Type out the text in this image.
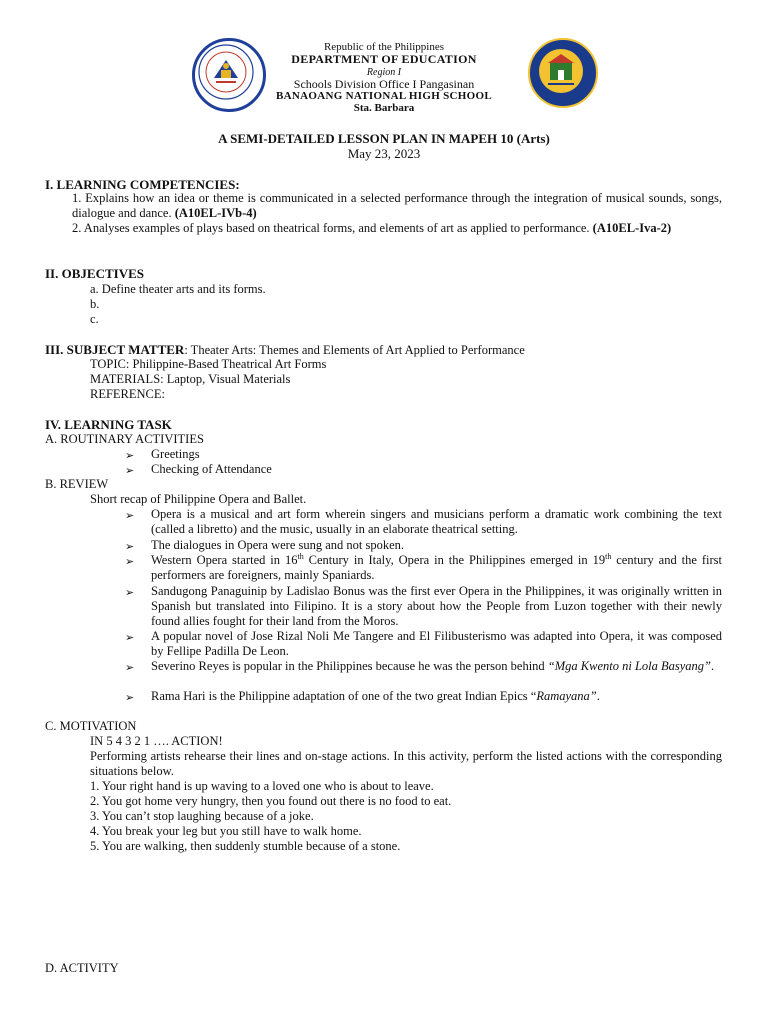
Republic of the Philippines
DEPARTMENT OF EDUCATION
Region I
Schools Division Office I Pangasinan
BANAOANG NATIONAL HIGH SCHOOL
Sta. Barbara
A SEMI-DETAILED LESSON PLAN IN MAPEH 10 (Arts)
May 23, 2023
I. LEARNING COMPETENCIES:
1. Explains how an idea or theme is communicated in a selected performance through the integration of musical sounds, songs, dialogue and dance. (A10EL-IVb-4)
2. Analyses examples of plays based on theatrical forms, and elements of art as applied to performance. (A10EL-Iva-2)
II. OBJECTIVES
a. Define theater arts and its forms.
b.
c.
III. SUBJECT MATTER: Theater Arts: Themes and Elements of Art Applied to Performance
TOPIC: Philippine-Based Theatrical Art Forms
MATERIALS: Laptop, Visual Materials
REFERENCE:
IV. LEARNING TASK
A. ROUTINARY ACTIVITIES
➢ Greetings
➢ Checking of Attendance
B. REVIEW
Short recap of Philippine Opera and Ballet.
➢ Opera is a musical and art form wherein singers and musicians perform a dramatic work combining the text (called a libretto) and the music, usually in an elaborate theatrical setting.
➢ The dialogues in Opera were sung and not spoken.
➢ Western Opera started in 16th Century in Italy, Opera in the Philippines emerged in 19th century and the first performers are foreigners, mainly Spaniards.
➢ Sandugong Panaguinip by Ladislao Bonus was the first ever Opera in the Philippines, it was originally written in Spanish but translated into Filipino. It is a story about how the People from Luzon together with their newly found allies fought for their land from the Moros.
➢ A popular novel of Jose Rizal Noli Me Tangere and El Filibusterismo was adapted into Opera, it was composed by Fellipe Padilla De Leon.
➢ Severino Reyes is popular in the Philippines because he was the person behind “Mga Kwento ni Lola Basyang”.
➢ Rama Hari is the Philippine adaptation of one of the two great Indian Epics “Ramayana”.
C. MOTIVATION
IN 5 4 3 2 1 …. ACTION!
Performing artists rehearse their lines and on-stage actions. In this activity, perform the listed actions with the corresponding situations below.
1. Your right hand is up waving to a loved one who is about to leave.
2. You got home very hungry, then you found out there is no food to eat.
3. You can’t stop laughing because of a joke.
4. You break your leg but you still have to walk home.
5. You are walking, then suddenly stumble because of a stone.
D. ACTIVITY
